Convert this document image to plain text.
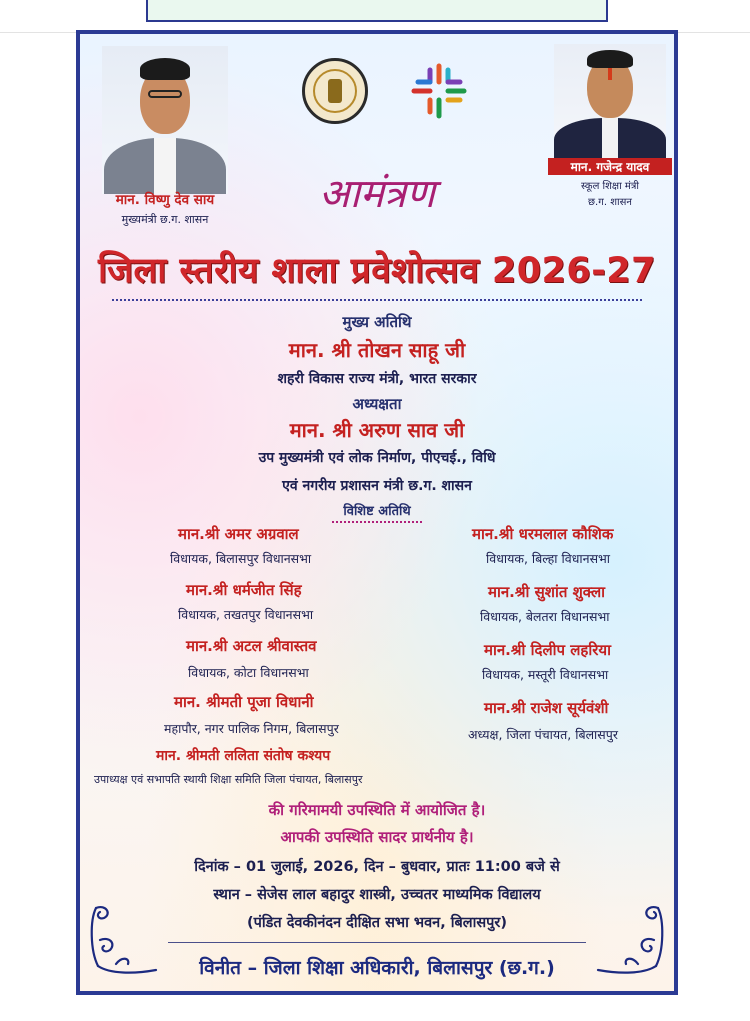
मान. विष्णु देव साय
मुख्यमंत्री छ.ग. शासन
मान. गजेन्द्र यादव
स्कूल शिक्षा मंत्री
छ.ग. शासन
आमंत्रण
जिला स्तरीय शाला प्रवेशोत्सव 2026-27
मुख्य अतिथि
मान. श्री तोखन साहू जी
शहरी विकास राज्य मंत्री, भारत सरकार
अध्यक्षता
मान. श्री अरुण साव जी
उप मुख्यमंत्री एवं लोक निर्माण, पीएचई., विधि
एवं नगरीय प्रशासन मंत्री छ.ग. शासन
विशिष्ट अतिथि
मान.श्री अमर अग्रवाल
विधायक, बिलासपुर विधानसभा
मान.श्री धर्मजीत सिंह
विधायक, तखतपुर विधानसभा
मान.श्री अटल श्रीवास्तव
विधायक, कोटा विधानसभा
मान. श्रीमती पूजा विधानी
महापौर, नगर पालिक निगम, बिलासपुर
मान. श्रीमती ललिता संतोष कश्यप
उपाध्यक्ष एवं सभापति स्थायी शिक्षा समिति जिला पंचायत, बिलासपुर
मान.श्री धरमलाल कौशिक
विधायक, बिल्हा विधानसभा
मान.श्री सुशांत शुक्ला
विधायक, बेलतरा विधानसभा
मान.श्री दिलीप लहरिया
विधायक, मस्तूरी विधानसभा
मान.श्री राजेश सूर्यवंशी
अध्यक्ष, जिला पंचायत, बिलासपुर
की गरिमामयी उपस्थिति में आयोजित है।
आपकी उपस्थिति सादर प्रार्थनीय है।
दिनांक – 01 जुलाई, 2026, दिन – बुधवार, प्रातः 11:00 बजे से
स्थान – सेजेस लाल बहादुर शास्त्री, उच्चतर माध्यमिक विद्यालय
(पंडित देवकीनंदन दीक्षित सभा भवन, बिलासपुर)
विनीत – जिला शिक्षा अधिकारी, बिलासपुर (छ.ग.)
